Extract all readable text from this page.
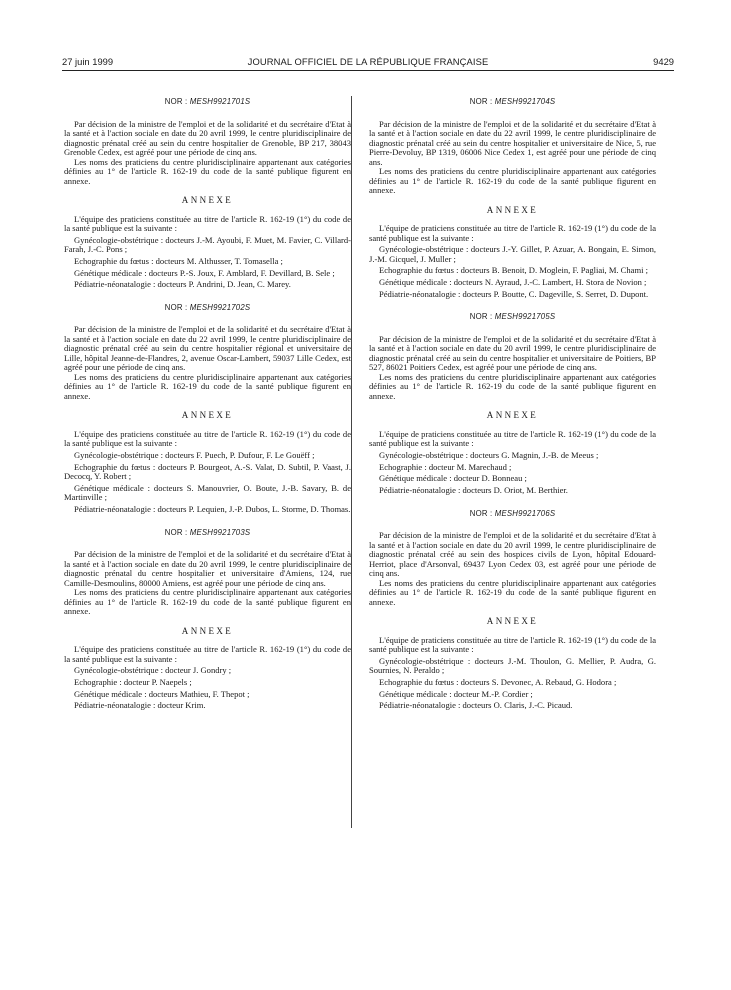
27 juin 1999	JOURNAL OFFICIEL DE LA RÉPUBLIQUE FRANÇAISE	9429
NOR : MESH9921701S

Par décision de la ministre de l'emploi et de la solidarité et du secrétaire d'Etat à la santé et à l'action sociale en date du 20 avril 1999, le centre pluridisciplinaire de diagnostic prénatal créé au sein du centre hospitalier de Grenoble, BP 217, 38043 Grenoble Cedex, est agréé pour une période de cinq ans.

Les noms des praticiens du centre pluridisciplinaire appartenant aux catégories définies au 1° de l'article R. 162-19 du code de la santé publique figurent en annexe.

ANNEXE

L'équipe des praticiens constituée au titre de l'article R. 162-19 (1°) du code de la santé publique est la suivante :

Gynécologie-obstétrique : docteurs J.-M. Ayoubi, F. Muet, M. Favier, C. Villard-Farah, J.-C. Pons ;

Echographie du fœtus : docteurs M. Althusser, T. Tomasella ;

Génétique médicale : docteurs P.-S. Joux, F. Amblard, F. Devillard, B. Sele ;

Pédiatrie-néonatalogie : docteurs P. Andrini, D. Jean, C. Marey.

NOR : MESH9921702S

Par décision de la ministre de l'emploi et de la solidarité et du secrétaire d'Etat à la santé et à l'action sociale en date du 22 avril 1999, le centre pluridisciplinaire de diagnostic prénatal créé au sein du centre hospitalier régional et universitaire de Lille, hôpital Jeanne-de-Flandres, 2, avenue Oscar-Lambert, 59037 Lille Cedex, est agréé pour une période de cinq ans.

Les noms des praticiens du centre pluridisciplinaire appartenant aux catégories définies au 1° de l'article R. 162-19 du code de la santé publique figurent en annexe.

ANNEXE

L'équipe des praticiens constituée au titre de l'article R. 162-19 (1°) du code de la santé publique est la suivante :

Gynécologie-obstétrique : docteurs F. Puech, P. Dufour, F. Le Gouëff ;

Echographie du fœtus : docteurs P. Bourgeot, A.-S. Valat, D. Subtil, P. Vaast, J. Decocq, Y. Robert ;

Génétique médicale : docteurs S. Manouvrier, O. Boute, J.-B. Savary, B. de Martinville ;

Pédiatrie-néonatalogie : docteurs P. Lequien, J.-P. Dubos, L. Storme, D. Thomas.

NOR : MESH9921703S

Par décision de la ministre de l'emploi et de la solidarité et du secrétaire d'Etat à la santé et à l'action sociale en date du 20 avril 1999, le centre pluridisciplinaire de diagnostic prénatal du centre hospitalier et universitaire d'Amiens, 124, rue Camille-Desmoulins, 80000 Amiens, est agréé pour une période de cinq ans.

Les noms des praticiens du centre pluridisciplinaire appartenant aux catégories définies au 1° de l'article R. 162-19 du code de la santé publique figurent en annexe.

ANNEXE

L'équipe des praticiens constituée au titre de l'article R. 162-19 (1°) du code de la santé publique est la suivante :

Gynécologie-obstétrique : docteur J. Gondry ;

Echographie : docteur P. Naepels ;

Génétique médicale : docteurs Mathieu, F. Thepot ;

Pédiatrie-néonatalogie : docteur Krim.

NOR : MESH9921704S

Par décision de la ministre de l'emploi et de la solidarité et du secrétaire d'Etat à la santé et à l'action sociale en date du 22 avril 1999, le centre pluridisciplinaire de diagnostic prénatal créé au sein du centre hospitalier et universitaire de Nice, 5, rue Pierre-Devoluy, BP 1319, 06006 Nice Cedex 1, est agréé pour une période de cinq ans.

Les noms des praticiens du centre pluridisciplinaire appartenant aux catégories définies au 1° de l'article R. 162-19 du code de la santé publique figurent en annexe.

ANNEXE

L'équipe de praticiens constituée au titre de l'article R. 162-19 (1°) du code de la santé publique est la suivante :

Gynécologie-obstétrique : docteurs J.-Y. Gillet, P. Azuar, A. Bongain, E. Simon, J.-M. Gicquel, J. Muller ;

Echographie du fœtus : docteurs B. Benoit, D. Moglein, F. Pagliai, M. Chami ;

Génétique médicale : docteurs N. Ayraud, J.-C. Lambert, H. Stora de Novion ;

Pédiatrie-néonatalogie : docteurs P. Boutte, C. Dageville, S. Serret, D. Dupont.

NOR : MESH9921705S

Par décision de la ministre de l'emploi et de la solidarité et du secrétaire d'Etat à la santé et à l'action sociale en date du 20 avril 1999, le centre pluridisciplinaire de diagnostic prénatal créé au sein du centre hospitalier et universitaire de Poitiers, BP 527, 86021 Poitiers Cedex, est agréé pour une période de cinq ans.

Les noms des praticiens du centre pluridisciplinaire appartenant aux catégories définies au 1° de l'article R. 162-19 du code de la santé publique figurent en annexe.

ANNEXE

L'équipe de praticiens constituée au titre de l'article R. 162-19 (1°) du code de la santé publique est la suivante :

Gynécologie-obstétrique : docteurs G. Magnin, J.-B. de Meeus ;

Echographie : docteur M. Marechaud ;

Génétique médicale : docteur D. Bonneau ;

Pédiatrie-néonatalogie : docteurs D. Oriot, M. Berthier.

NOR : MESH9921706S

Par décision de la ministre de l'emploi et de la solidarité et du secrétaire d'Etat à la santé et à l'action sociale en date du 20 avril 1999, le centre pluridisciplinaire de diagnostic prénatal créé au sein des hospices civils de Lyon, hôpital Edouard-Herriot, place d'Arsonval, 69437 Lyon Cedex 03, est agréé pour une période de cinq ans.

Les noms des praticiens du centre pluridisciplinaire appartenant aux catégories définies au 1° de l'article R. 162-19 du code de la santé publique figurent en annexe.

ANNEXE

L'équipe de praticiens constituée au titre de l'article R. 162-19 (1°) du code de la santé publique est la suivante :

Gynécologie-obstétrique : docteurs J.-M. Thoulon, G. Mellier, P. Audra, G. Sournies, N. Peraldo ;

Echographie du fœtus : docteurs S. Devonec, A. Rebaud, G. Hodora ;

Génétique médicale : docteur M.-P. Cordier ;

Pédiatrie-néonatalogie : docteurs O. Claris, J.-C. Picaud.
